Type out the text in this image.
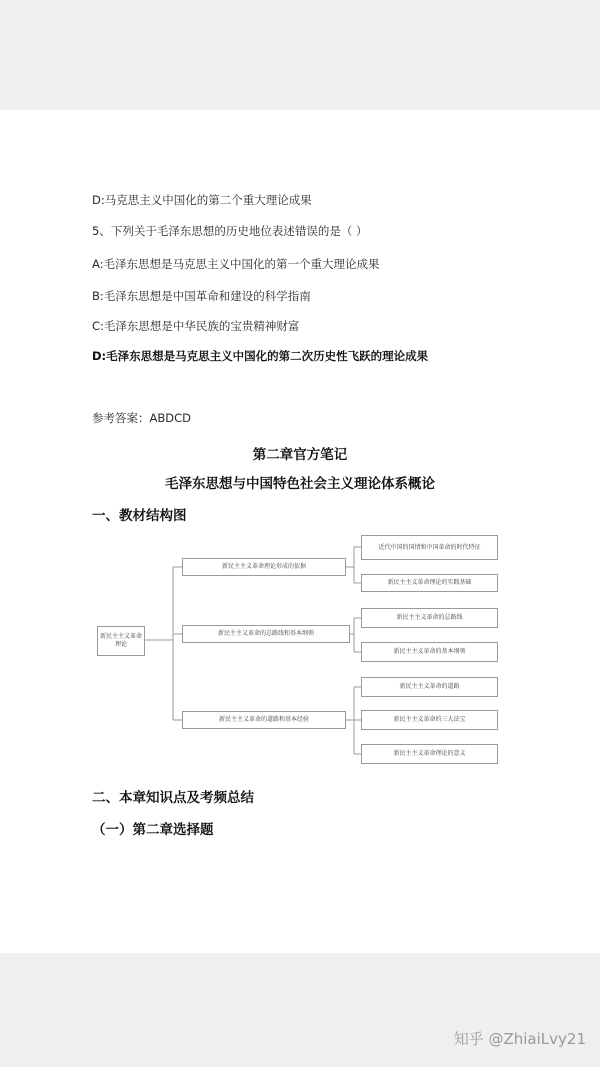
D:马克思主义中国化的第二个重大理论成果
5、下列关于毛泽东思想的历史地位表述错误的是（ ）
A:毛泽东思想是马克思主义中国化的第一个重大理论成果
B:毛泽东思想是中国革命和建设的科学指南
C:毛泽东思想是中华民族的宝贵精神财富
D:毛泽东思想是马克思主义中国化的第二次历史性飞跃的理论成果
参考答案：ABDCD
第二章官方笔记
毛泽东思想与中国特色社会主义理论体系概论
一、教材结构图
新民主主义革命理论
新民主主义革命理论形成的依据
新民主主义革命的总路线和基本纲领
新民主主义革命的道路和基本经验
近代中国的国情和中国革命的时代特征
新民主主义革命理论的实践基础
新民主主义革命的总路线
新民主主义革命的基本纲领
新民主主义革命的道路
新民主主义革命的三大法宝
新民主主义革命理论的意义
二、本章知识点及考频总结
（一）第二章选择题
知乎 @ZhiaiLvy21
